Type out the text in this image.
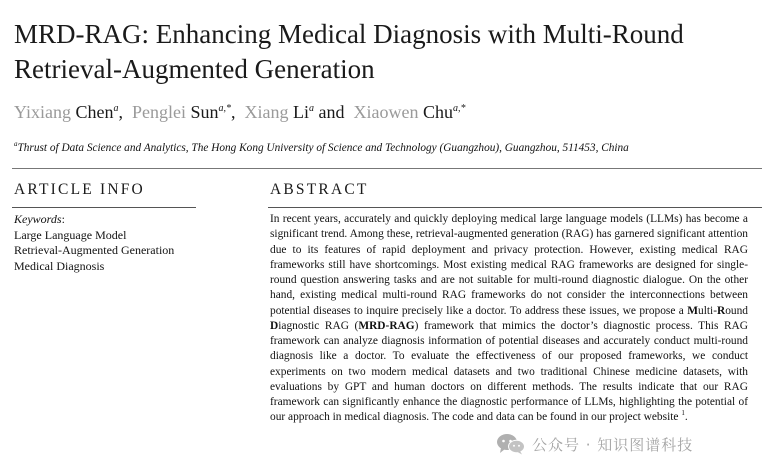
MRD-RAG: Enhancing Medical Diagnosis with Multi-Round Retrieval-Augmented Generation
Yixiang Chen$^a$, Penglei Sun$^{a,*}$, Xiang Li$^a$ and Xiaowen Chu$^{a,*}$
$^a$Thrust of Data Science and Analytics, The Hong Kong University of Science and Technology (Guangzhou), Guangzhou, 511453, China
ARTICLE INFO	ABSTRACT
Keywords:
Large Language Model
Retrieval-Augmented Generation
Medical Diagnosis

In recent years, accurately and quickly deploying medical large language models (LLMs) has become a significant trend. Among these, retrieval-augmented generation (RAG) has garnered significant attention due to its features of rapid deployment and privacy protection. However, existing medical RAG frameworks still have shortcomings. Most existing medical RAG frameworks are designed for single-round question answering tasks and are not suitable for multi-round diagnostic dialogue. On the other hand, existing medical multi-round RAG frameworks do not consider the interconnections between potential diseases to inquire precisely like a doctor. To address these issues, we propose a Multi-Round Diagnostic RAG (MRD-RAG) framework that mimics the doctor’s diagnostic process. This RAG framework can analyze diagnosis information of potential diseases and accurately conduct multi-round diagnosis like a doctor. To evaluate the effectiveness of our proposed frameworks, we conduct experiments on two modern medical datasets and two traditional Chinese medicine datasets, with evaluations by GPT and human doctors on different methods. The results indicate that our RAG framework can significantly enhance the diagnostic performance of LLMs, highlighting the potential of our approach in medical diagnosis. The code and data can be found in our project website $^1$.

公众号 · 知识图谱科技
